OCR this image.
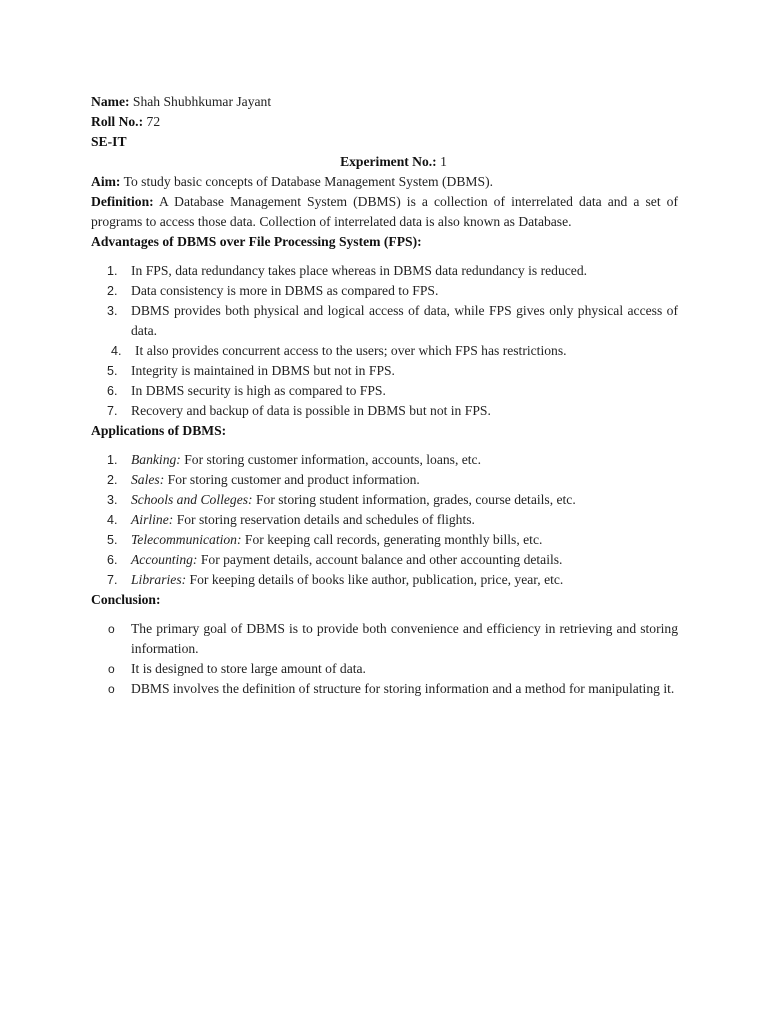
Name: Shah Shubhkumar Jayant

Roll No.: 72

SE-IT

Experiment No.: 1

Aim: To study basic concepts of Database Management System (DBMS).

Definition: A Database Management System (DBMS) is a collection of interrelated data and a set of programs to access those data. Collection of interrelated data is also known as Database.

Advantages of DBMS over File Processing System (FPS):

In FPS, data redundancy takes place whereas in DBMS data redundancy is reduced.
Data consistency is more in DBMS as compared to FPS.
DBMS provides both physical and logical access of data, while FPS gives only physical access of data.
It also provides concurrent access to the users; over which FPS has restrictions.
Integrity is maintained in DBMS but not in FPS.
In DBMS security is high as compared to FPS.
Recovery and backup of data is possible in DBMS but not in FPS.

Applications of DBMS:

Banking: For storing customer information, accounts, loans, etc.
Sales: For storing customer and product information.
Schools and Colleges: For storing student information, grades, course details, etc.
Airline: For storing reservation details and schedules of flights.
Telecommunication: For keeping call records, generating monthly bills, etc.
Accounting: For payment details, account balance and other accounting details.
Libraries: For keeping details of books like author, publication, price, year, etc.

Conclusion:

o The primary goal of DBMS is to provide both convenience and efficiency in retrieving and storing information.
o It is designed to store large amount of data.
o DBMS involves the definition of structure for storing information and a method for manipulating it.
